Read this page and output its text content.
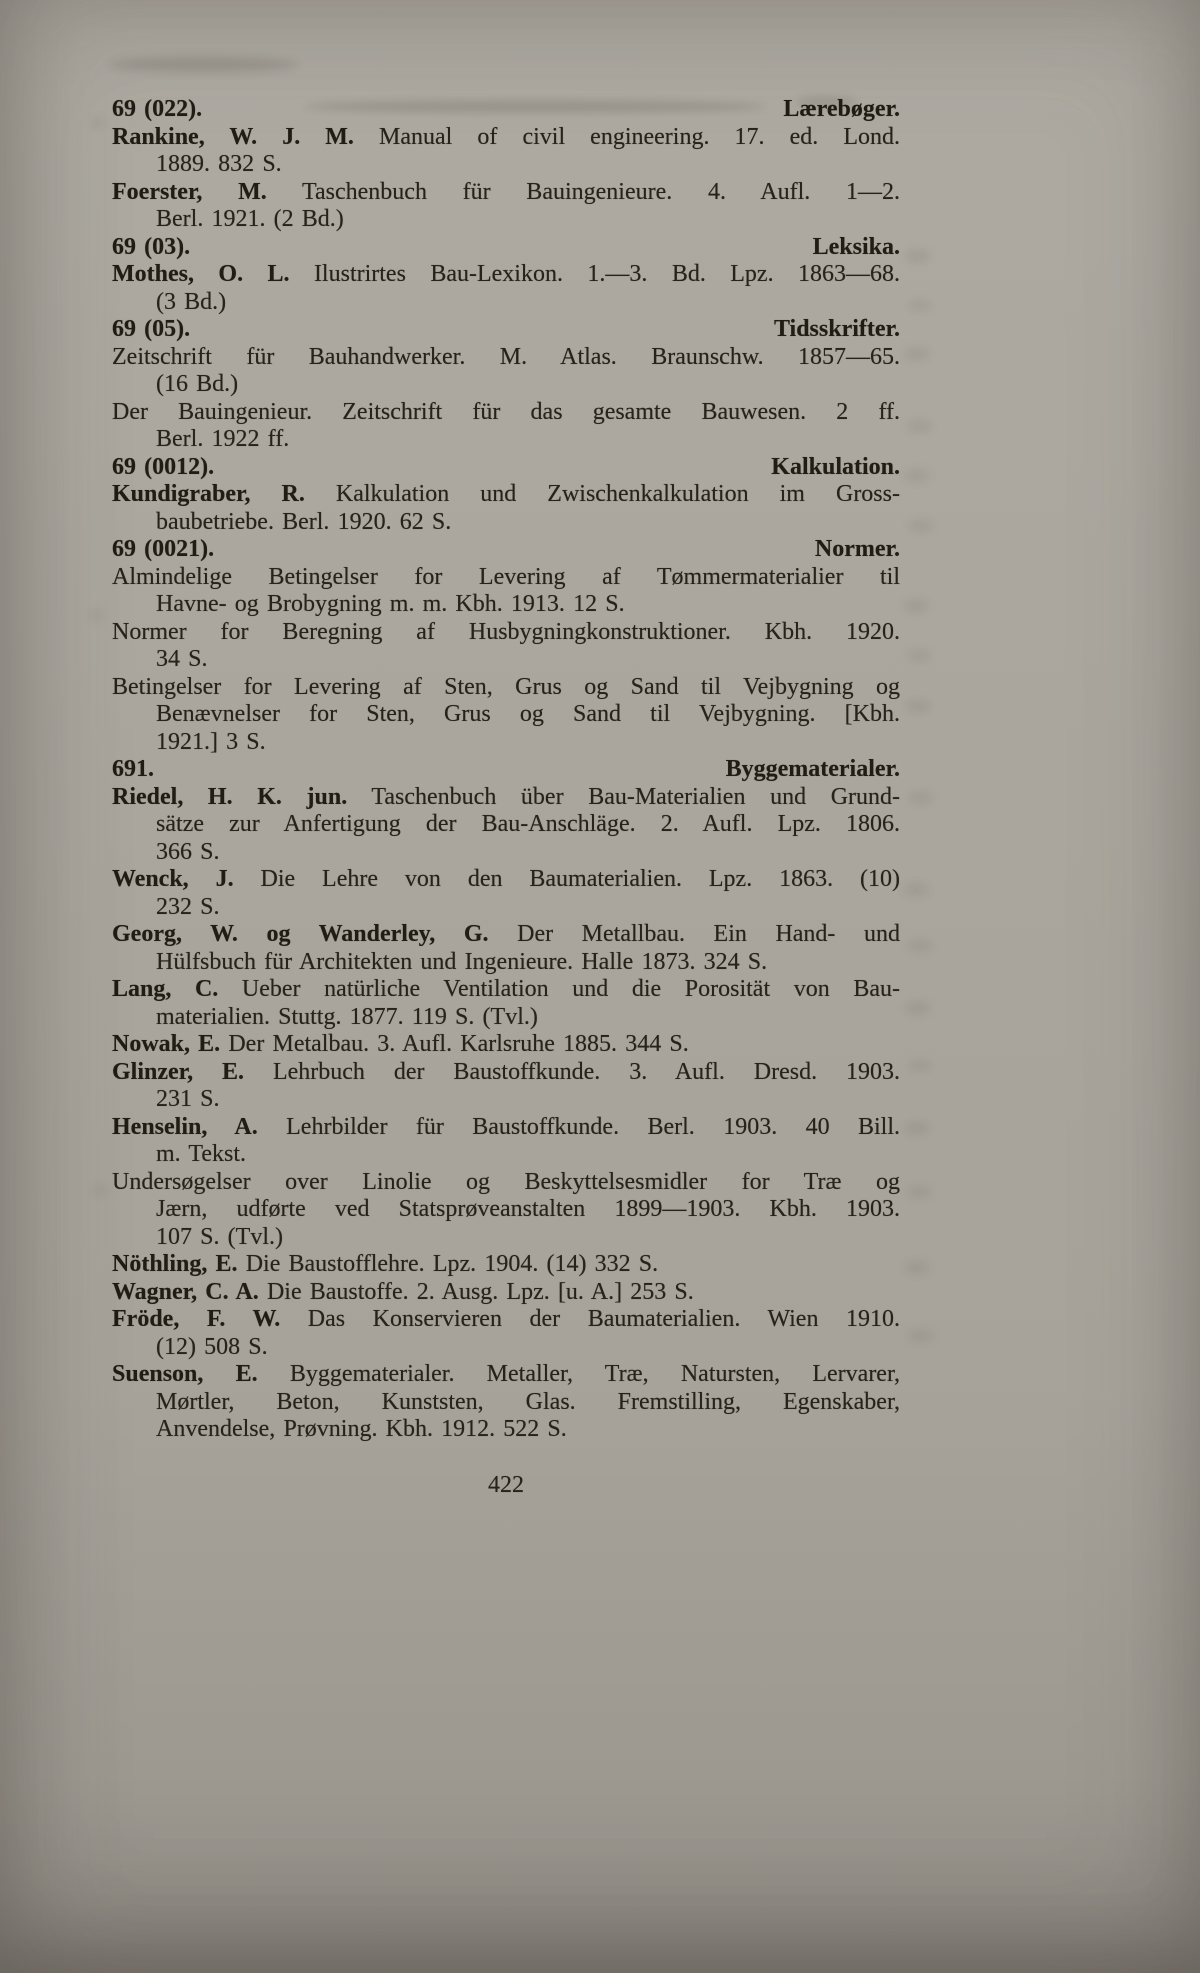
69 (022).	Lærebøger.
Rankine, W. J. M. Manual of civil engineering. 17. ed. Lond.
1889. 832 S.
Foerster, M. Taschenbuch für Bauingenieure. 4. Aufl. 1—2.
Berl. 1921. (2 Bd.)
69 (03).	Leksika.
Mothes, O. L. Ilustrirtes Bau-Lexikon. 1.—3. Bd. Lpz. 1863—68.
(3 Bd.)
69 (05).	Tidsskrifter.
Zeitschrift für Bauhandwerker. M. Atlas. Braunschw. 1857—65.
(16 Bd.)
Der Bauingenieur. Zeitschrift für das gesamte Bauwesen. 2 ff.
Berl. 1922 ff.
69 (0012).	Kalkulation.
Kundigraber, R. Kalkulation und Zwischenkalkulation im Gross-
baubetriebe. Berl. 1920. 62 S.
69 (0021).	Normer.
Almindelige Betingelser for Levering af Tømmermaterialier til
Havne- og Brobygning m. m. Kbh. 1913. 12 S.
Normer for Beregning af Husbygningkonstruktioner. Kbh. 1920.
34 S.
Betingelser for Levering af Sten, Grus og Sand til Vejbygning og
Benævnelser for Sten, Grus og Sand til Vejbygning. [Kbh.
1921.] 3 S.
691.	Byggematerialer.
Riedel, H. K. jun. Taschenbuch über Bau-Materialien und Grund-
sätze zur Anfertigung der Bau-Anschläge. 2. Aufl. Lpz. 1806.
366 S.
Wenck, J. Die Lehre von den Baumaterialien. Lpz. 1863. (10)
232 S.
Georg, W. og Wanderley, G. Der Metallbau. Ein Hand- und
Hülfsbuch für Architekten und Ingenieure. Halle 1873. 324 S.
Lang, C. Ueber natürliche Ventilation und die Porosität von Bau-
materialien. Stuttg. 1877. 119 S. (Tvl.)
Nowak, E. Der Metalbau. 3. Aufl. Karlsruhe 1885. 344 S.
Glinzer, E. Lehrbuch der Baustoffkunde. 3. Aufl. Dresd. 1903.
231 S.
Henselin, A. Lehrbilder für Baustoffkunde. Berl. 1903. 40 Bill.
m. Tekst.
Undersøgelser over Linolie og Beskyttelsesmidler for Træ og
Jærn, udførte ved Statsprøveanstalten 1899—1903. Kbh. 1903.
107 S. (Tvl.)
Nöthling, E. Die Baustofflehre. Lpz. 1904. (14) 332 S.
Wagner, C. A. Die Baustoffe. 2. Ausg. Lpz. [u. A.] 253 S.
Fröde, F. W. Das Konservieren der Baumaterialien. Wien 1910.
(12) 508 S.
Suenson, E. Byggematerialer. Metaller, Træ, Natursten, Lervarer,
Mørtler, Beton, Kunststen, Glas. Fremstilling, Egenskaber,
Anvendelse, Prøvning. Kbh. 1912. 522 S.
422
